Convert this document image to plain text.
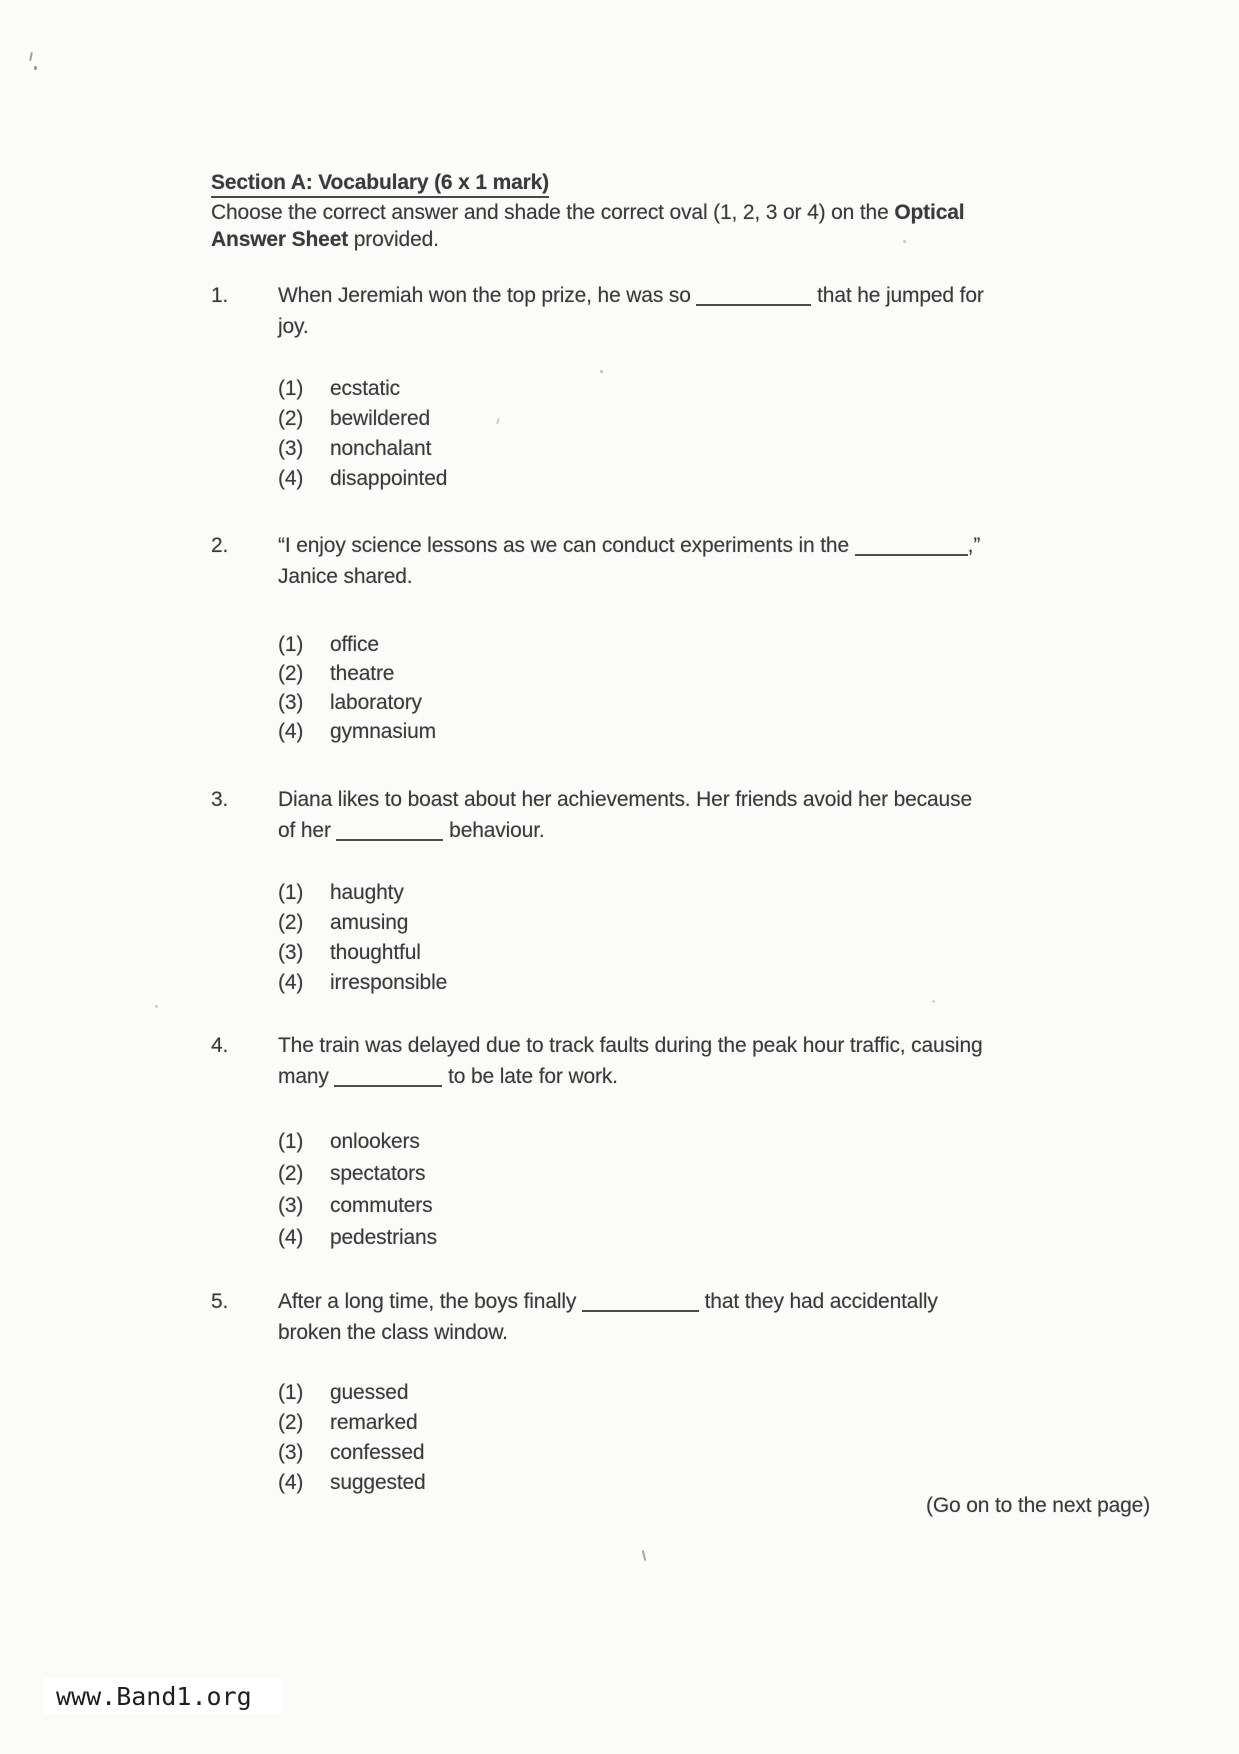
Section A: Vocabulary (6 x 1 mark)
Choose the correct answer and shade the correct oval (1, 2, 3 or 4) on the Optical
Answer Sheet provided.
1. When Jeremiah won the top prize, he was so	that he jumped for
joy.
(1) ecstatic
(2) bewildered
(3) nonchalant
(4) disappointed
2. “I enjoy science lessons as we can conduct experiments in the	,”
Janice shared.
(1) office
(2) theatre
(3) laboratory
(4) gymnasium
3. Diana likes to boast about her achievements. Her friends avoid her because
of her	behaviour.
(1) haughty
(2) amusing
(3) thoughtful
(4) irresponsible
4. The train was delayed due to track faults during the peak hour traffic, causing
many	to be late for work.
(1) onlookers
(2) spectators
(3) commuters
(4) pedestrians
5. After a long time, the boys finally	that they had accidentally
broken the class window.
(1) guessed
(2) remarked
(3) confessed
(4) suggested
(Go on to the next page)
www.Band1.org
